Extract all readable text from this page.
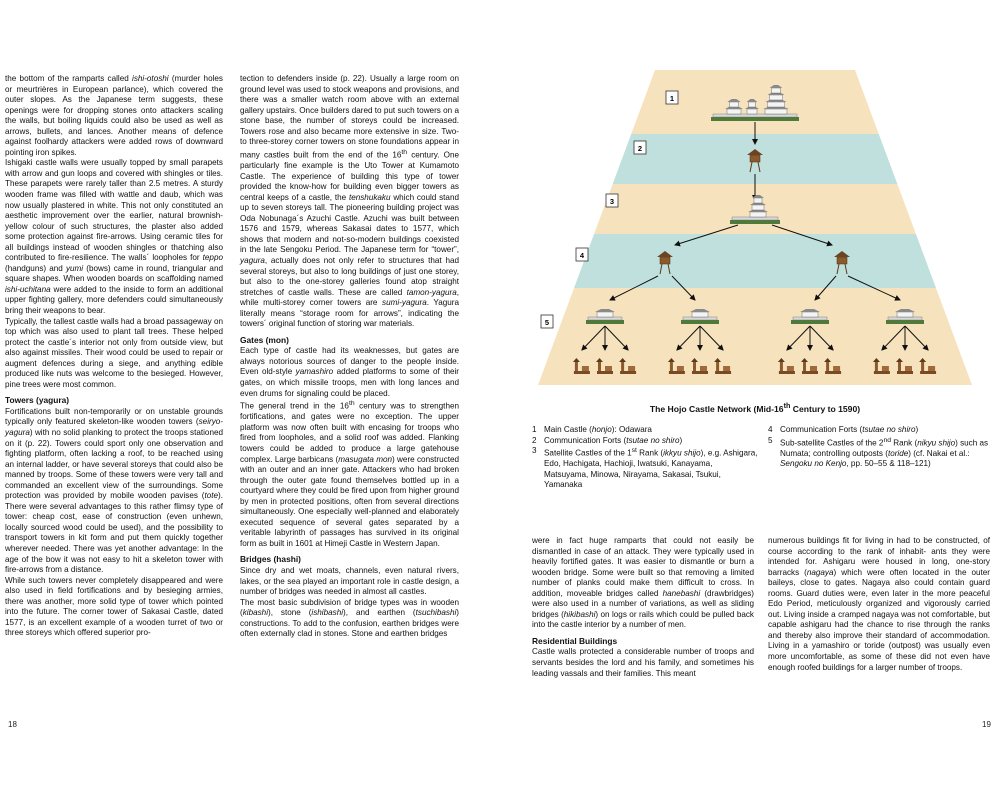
the bottom of the ramparts called ishi-otoshi (murder holes or meurtrières in European parlance), which covered the outer slopes. As the Japanese term suggests, these openings were for dropping stones onto attackers scaling the walls, but boiling liquids could also be used as well as arrows, bullets, and lances. Another means of defence against foolhardy attackers were added rows of downward pointing iron spikes.

Ishigaki castle walls were usually topped by small parapets with arrow and gun loops and covered with shingles or tiles. These parapets were rarely taller than 2.5 metres. A sturdy wooden frame was filled with wattle and daub, which was now usually plastered in white. This not only constituted an aesthetic improvement over the earlier, natural brownish-yellow colour of such structures, the plaster also added some protection against fire-arrows. Using ceramic tiles for all buildings instead of wooden shingles or thatching also contributed to fire-resilience. The walls´ loopholes for teppo (handguns) and yumi (bows) came in round, triangular and square shapes. When wooden boards on scaffolding named ishi-uchitana were added to the inside to form an additional upper fighting gallery, more defenders could simultaneously bring their weapons to bear.

Typically, the tallest castle walls had a broad passageway on top which was also used to plant tall trees. These helped protect the castle´s interior not only from outside view, but also against missiles. Their wood could be used to repair or augment defences during a siege, and anything edible produced like nuts was welcome to the besieged. However, pine trees were most common.

Towers (yagura)

Fortifications built non-temporarily or on unstable grounds typically only featured skeleton-like wooden towers (seiryo-yagura) with no solid planking to protect the troops stationed on it (p. 22). Towers could sport only one observation and fighting platform, often lacking a roof, to be reached using an internal ladder, or have several storeys that could also be manned by troops. Some of these towers were very tall and commanded an excellent view of the surroundings. Some protection was provided by mobile wooden pavises (tote). There were several advantages to this rather flimsy type of tower: cheap cost, ease of construction (even unhewn, locally sourced wood could be used), and the possibility to transport towers in kit form and put them quickly together wherever needed. There was yet another advantage: In the age of the bow it was not easy to hit a skeleton tower with fire-arrows from a distance.

While such towers never completely disappeared and were also used in field fortifications and by besieging armies, there was another, more solid type of tower which pointed into the future. The corner tower of Sakasai Castle, dated 1577, is an excellent example of a wooden turret of two or three storeys which offered superior pro-

tection to defenders inside (p. 22). Usually a large room on ground level was used to stock weapons and provisions, and there was a smaller watch room above with an external gallery upstairs. Once builders dared to put such towers on a stone base, the number of storeys could be increased. Towers rose and also became more extensive in size. Two- to three-storey corner towers on stone foundations appear in many castles built from the end of the 16th century. One particularly fine example is the Uto Tower at Kumamoto Castle. The experience of building this type of tower provided the know-how for building even bigger towers as central keeps of a castle, the tenshukaku which could stand up to seven storeys tall. The pioneering building project was Oda Nobunaga´s Azuchi Castle. Azuchi was built between 1576 and 1579, whereas Sakasai dates to 1577, which shows that modern and not-so-modern buildings coexisted in the late Sengoku Period. The Japanese term for “tower”, yagura, actually does not only refer to structures that had several storeys, but also to long buildings of just one storey, but also to the one-storey galleries found atop straight stretches of castle walls. These are called tamon-yagura, while multi-storey corner towers are sumi-yagura. Yagura literally means “storage room for arrows”, indicating the towers´ original function of storing war materials.

Gates (mon)

Each type of castle had its weaknesses, but gates are always notorious sources of danger to the people inside. Even old-style yamashiro added platforms to some of their gates, on which missile troops, men with long lances and even drums for signaling could be placed.

The general trend in the 16th century was to strengthen fortifications, and gates were no exception. The upper platform was now often built with encasing for troops who fired from loopholes, and a solid roof was added. Flanking towers could be added to produce a large gatehouse complex. Large barbicans (masugata mon) were constructed with an outer and an inner gate. Attackers who had broken through the outer gate found themselves bottled up in a courtyard where they could be fired upon from higher ground by men in protected positions, often from several directions simultaneously. One especially well-planned and elaborately executed sequence of several gates separated by a veritable labyrinth of passages has survived in its original form as built in 1601 at Himeji Castle in Western Japan.

Bridges (hashi)

Since dry and wet moats, channels, even natural rivers, lakes, or the sea played an important role in castle design, a number of bridges was needed in almost all castles.

The most basic subdivision of bridge types was in wooden (kibashi), stone (ishibashi), and earthen (tsuchibashi) constructions. To add to the confusion, earthen bridges were often externally clad in stones. Stone and earthen bridges

18
1
2
3
4
5
The Hojo Castle Network (Mid-16th Century to 1590)
1 Main Castle (honjo): Odawara
2 Communication Forts (tsutae no shiro)
3 Satellite Castles of the 1st Rank (ikkyu shijo), e.g. Ashigara, Edo, Hachigata, Hachioji, Iwatsuki, Kanayama, Matsuyama, Minowa, Nirayama, Sakasai, Tsukui, Yamanaka
4 Communication Forts (tsutae no shiro)
5 Sub-satellite Castles of the 2nd Rank (nikyu shijo) such as Numata; controlling outposts (toride) (cf. Nakai et al.: Sengoku no Kenjo, pp. 50–55 & 118–121)

were in fact huge ramparts that could not easily be dismantled in case of an attack. They were typically used in heavily fortified gates. It was easier to dismantle or burn a wooden bridge. Some were built so that removing a limited number of planks could make them difficult to cross. In addition, moveable bridges called hanebashi (drawbridges) were also used in a number of variations, as well as sliding bridges (hikibashi) on logs or rails which could be pulled back into the castle interior by a number of men.

Residential Buildings

Castle walls protected a considerable number of troops and servants besides the lord and his family, and sometimes his leading vassals and their families. This meant

numerous buildings fit for living in had to be constructed, of course according to the rank of inhabit- ants they were intended for. Ashigaru were housed in long, one-story barracks (nagaya) which were often located in the outer baileys, close to gates. Nagaya also could contain guard rooms. Guard duties were, even later in the more peaceful Edo Period, meticulously organized and vigorously carried out. Living inside a cramped nagaya was not comfortable, but capable ashigaru had the chance to rise through the ranks and thereby also improve their standard of accommodation. Living in a yamashiro or toride (outpost) was usually even more uncomfortable, as some of these did not even have enough roofed buildings for a larger number of troops.

19
